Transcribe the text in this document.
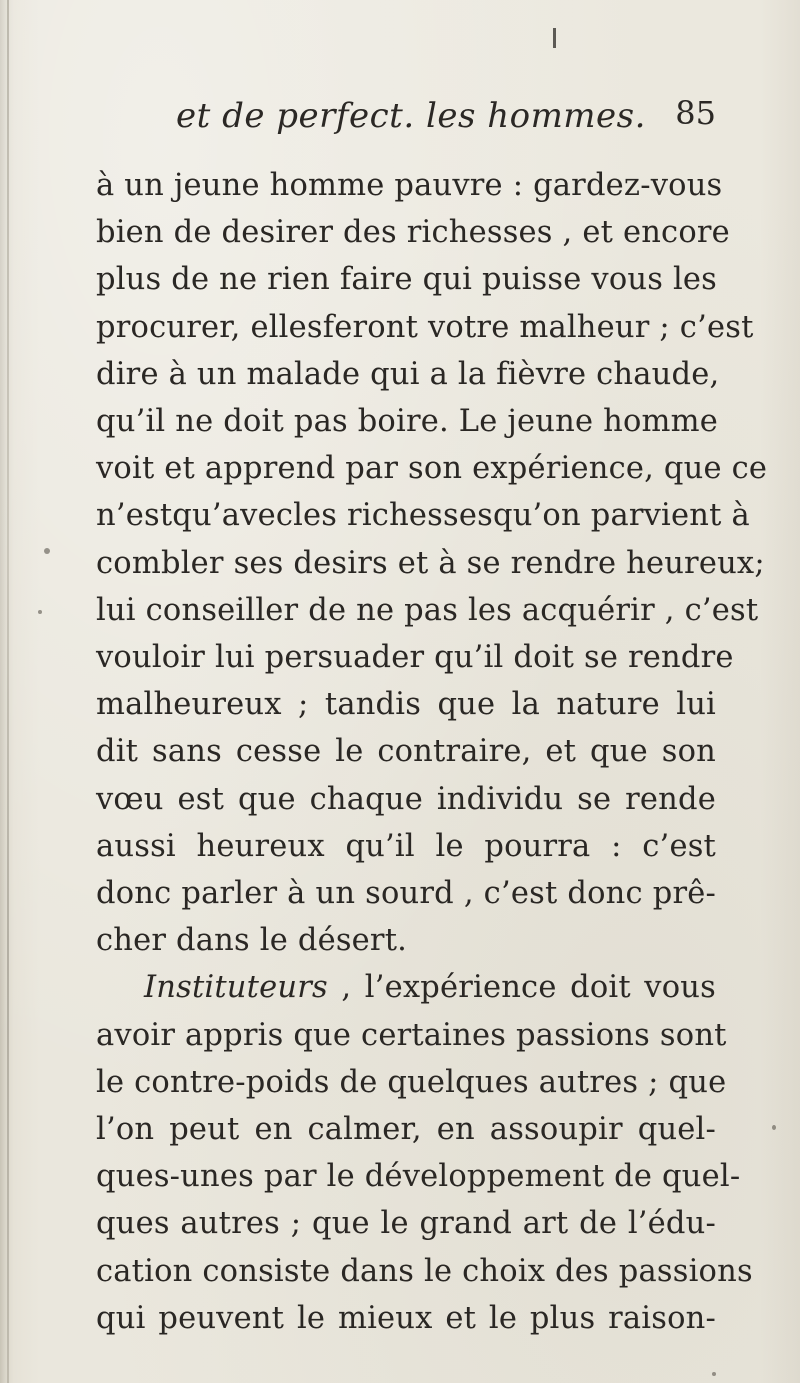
et de perfect. les hommes. 85
à un jeune homme pauvre : gardez-vous
bien de desirer des richesses , et encore
plus de ne rien faire qui puisse vous les
procurer, ellesferont votre malheur ; c’est
dire à un malade qui a la fièvre chaude,
qu’il ne doit pas boire. Le jeune homme
voit et apprend par son expérience, que ce
n’estqu’avecles richessesqu’on parvient à
combler ses desirs et à se rendre heureux;
lui conseiller de ne pas les acquérir , c’est
vouloir lui persuader qu’il doit se rendre
malheureux ; tandis que la nature lui
dit sans cesse le contraire, et que son
vœu est que chaque individu se rende
aussi heureux qu’il le pourra : c’est
donc parler à un sourd , c’est donc prê-
cher dans le désert.
Instituteurs , l’expérience doit vous
avoir appris que certaines passions sont
le contre-poids de quelques autres ; que
l’on peut en calmer, en assoupir quel-
ques-unes par le développement de quel-
ques autres ; que le grand art de l’édu-
cation consiste dans le choix des passions
qui peuvent le mieux et le plus raison-
